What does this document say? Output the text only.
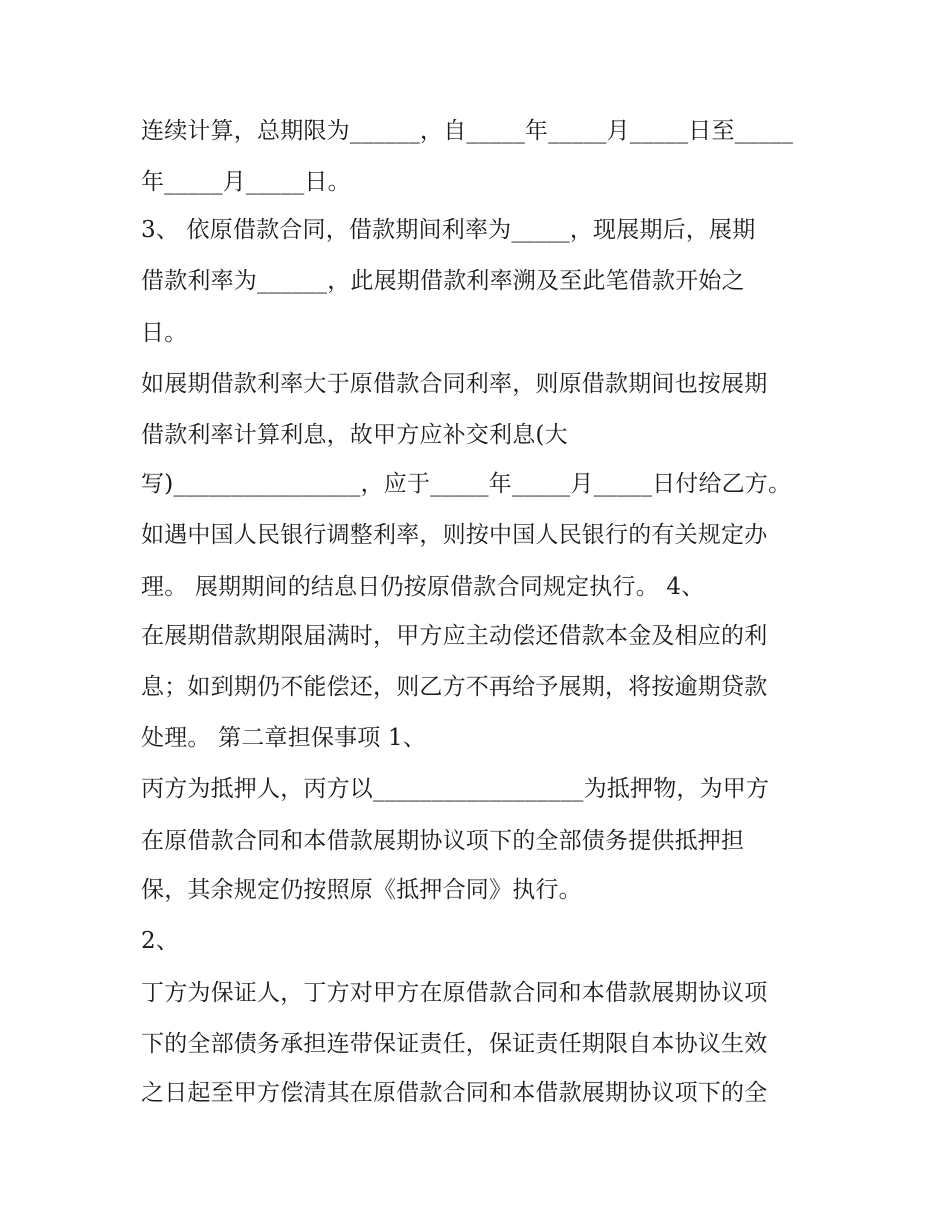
连续计算，总期限为______，自_____年_____月_____日至_____
年_____月_____日。
3、 依原借款合同，借款期间利率为_____，现展期后，展期
借款利率为______，此展期借款利率溯及至此笔借款开始之
日。
如展期借款利率大于原借款合同利率，则原借款期间也按展期
借款利率计算利息，故甲方应补交利息(大
写)________________，应于_____年_____月_____日付给乙方。
如遇中国人民银行调整利率，则按中国人民银行的有关规定办
理。 展期期间的结息日仍按原借款合同规定执行。 4、
在展期借款期限届满时，甲方应主动偿还借款本金及相应的利
息；如到期仍不能偿还，则乙方不再给予展期，将按逾期贷款
处理。 第二章担保事项 1、
丙方为抵押人，丙方以__________________为抵押物，为甲方
在原借款合同和本借款展期协议项下的全部债务提供抵押担
保，其余规定仍按照原《抵押合同》执行。
2、
丁方为保证人，丁方对甲方在原借款合同和本借款展期协议项
下的全部债务承担连带保证责任，保证责任期限自本协议生效
之日起至甲方偿清其在原借款合同和本借款展期协议项下的全
